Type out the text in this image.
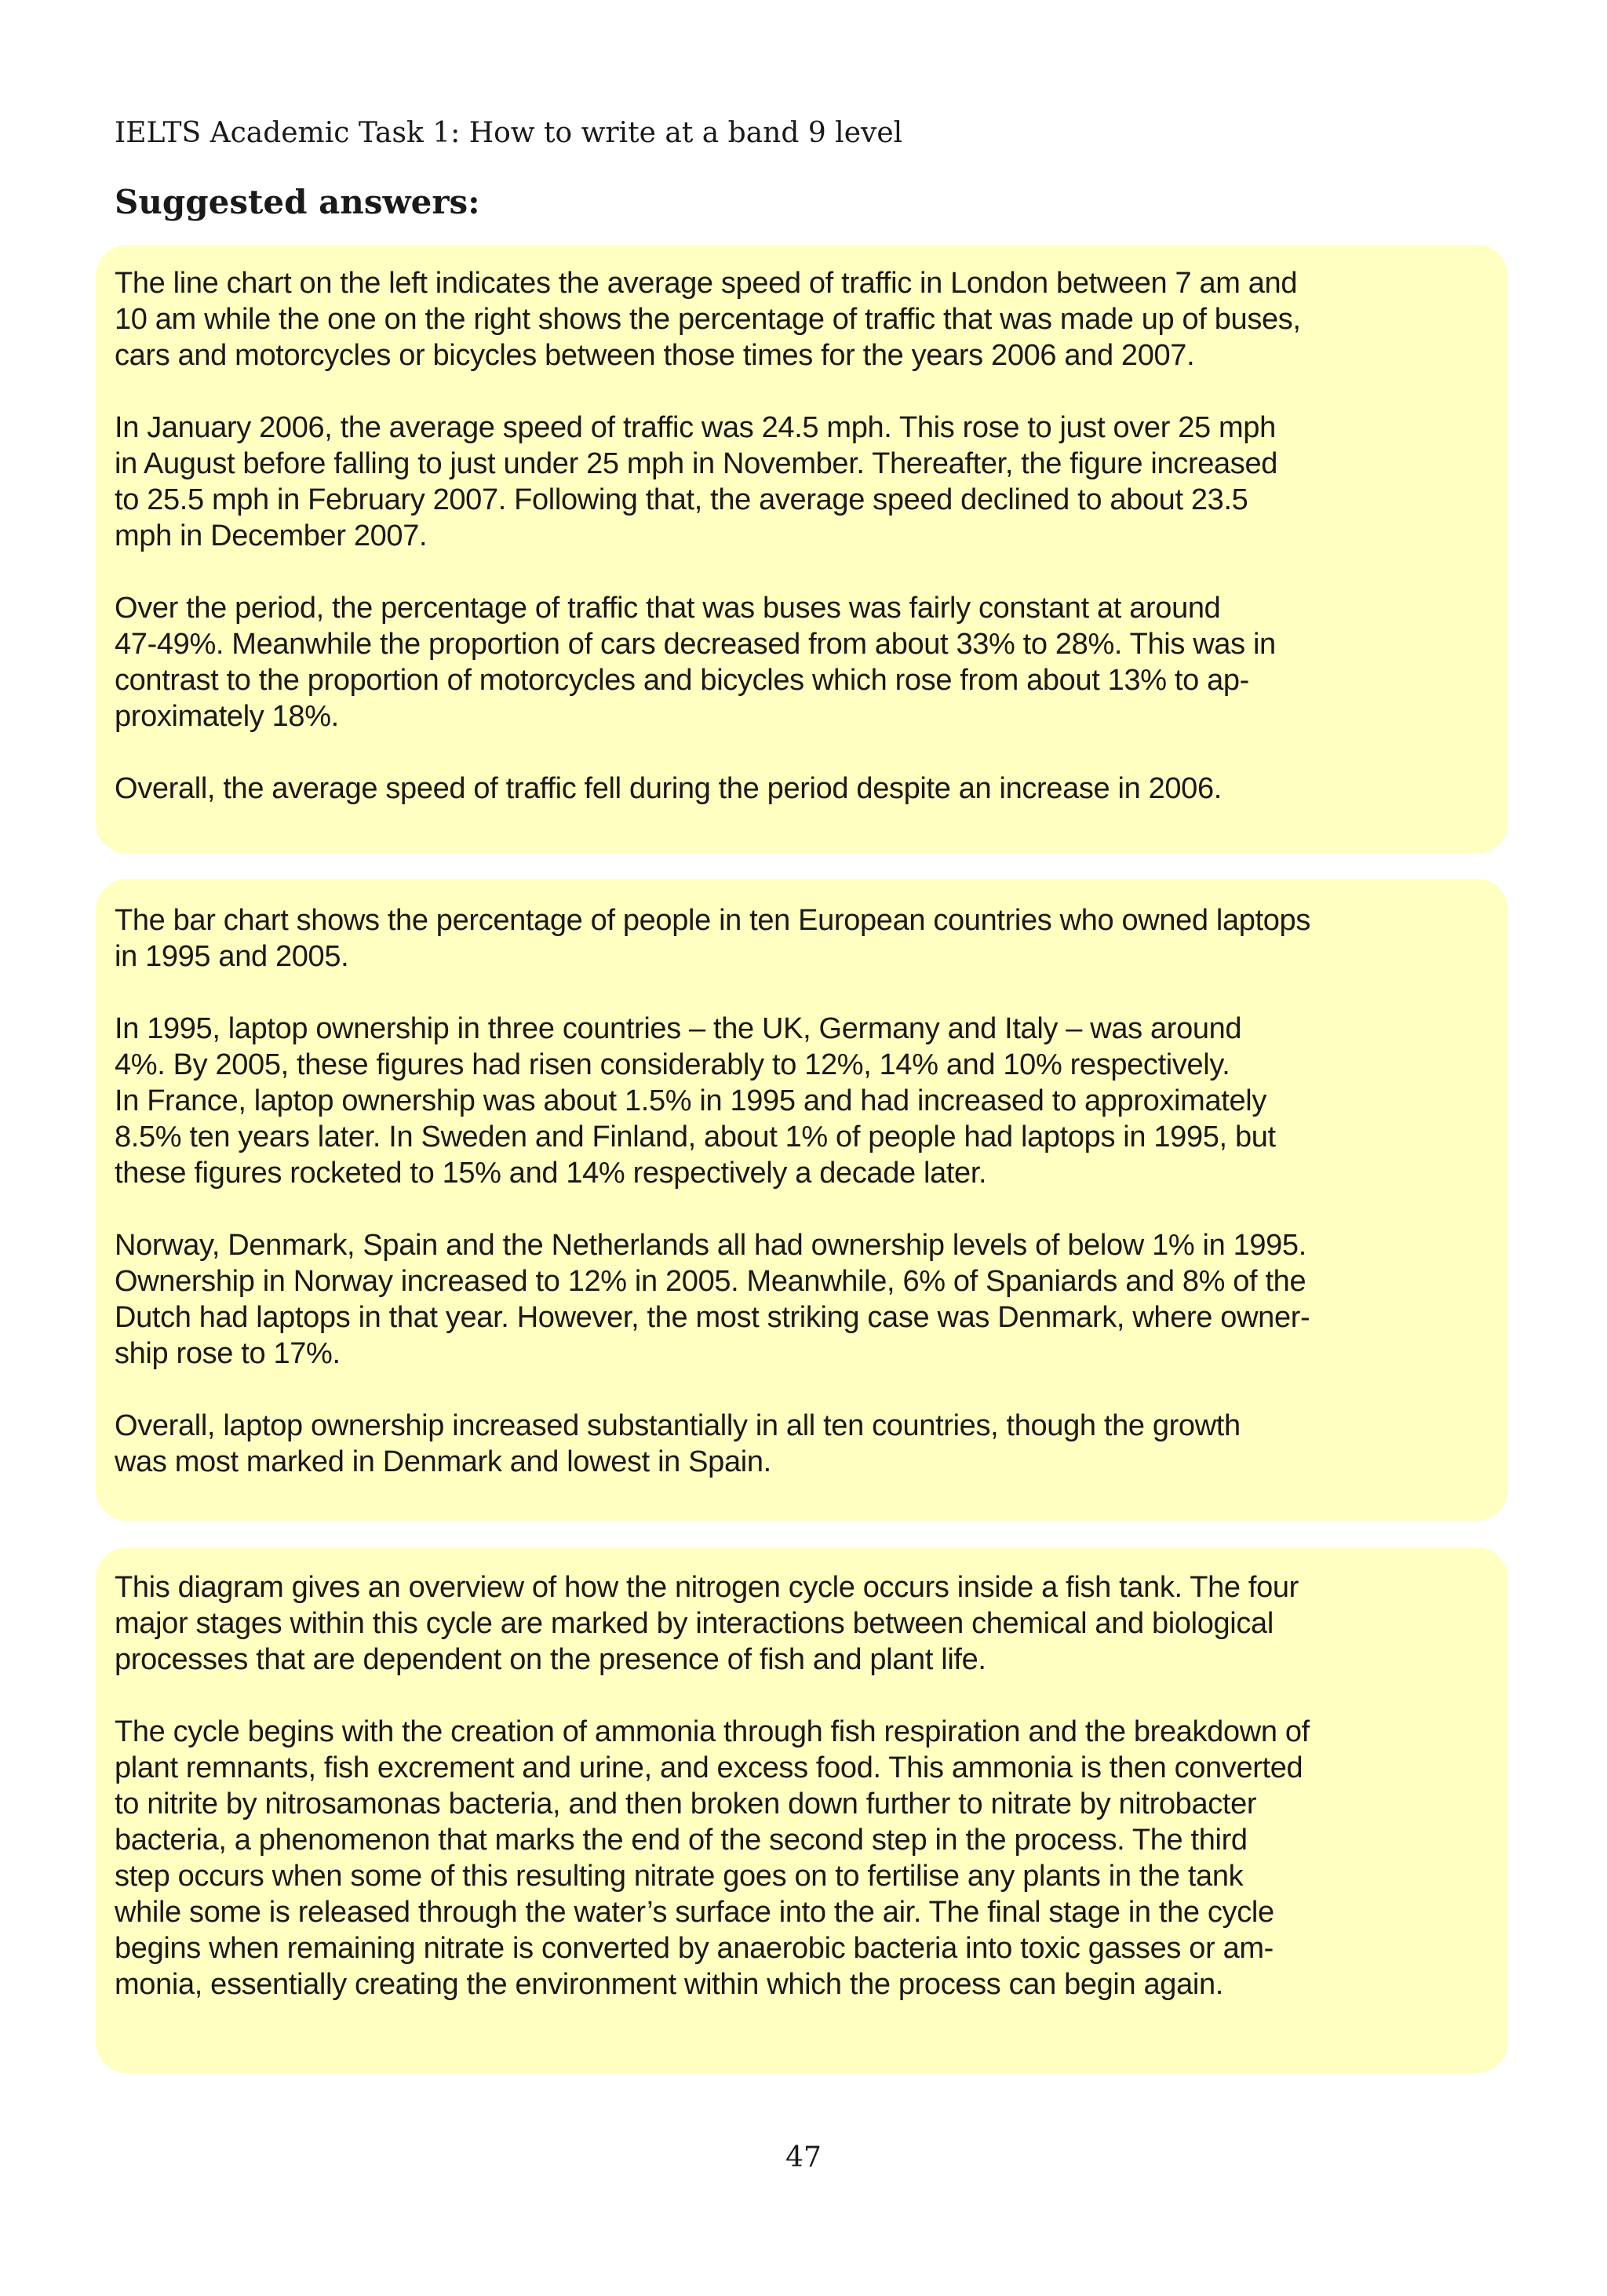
IELTS Academic Task 1: How to write at a band 9 level
Suggested answers:

The line chart on the left indicates the average speed of traffic in London between 7 am and

10 am while the one on the right shows the percentage of traffic that was made up of buses,

cars and motorcycles or bicycles between those times for the years 2006 and 2007.

In January 2006, the average speed of traffic was 24.5 mph. This rose to just over 25 mph

in August before falling to just under 25 mph in November. Thereafter, the figure increased

to 25.5 mph in February 2007. Following that, the average speed declined to about 23.5

mph in December 2007.

Over the period, the percentage of traffic that was buses was fairly constant at around

47-49%. Meanwhile the proportion of cars decreased from about 33% to 28%. This was in

contrast to the proportion of motorcycles and bicycles which rose from about 13% to ap-

proximately 18%.

Overall, the average speed of traffic fell during the period despite an increase in 2006.

The bar chart shows the percentage of people in ten European countries who owned laptops

in 1995 and 2005.

In 1995, laptop ownership in three countries – the UK, Germany and Italy – was around

4%. By 2005, these figures had risen considerably to 12%, 14% and 10% respectively.

In France, laptop ownership was about 1.5% in 1995 and had increased to approximately

8.5% ten years later. In Sweden and Finland, about 1% of people had laptops in 1995, but

these figures rocketed to 15% and 14% respectively a decade later.

Norway, Denmark, Spain and the Netherlands all had ownership levels of below 1% in 1995.

Ownership in Norway increased to 12% in 2005. Meanwhile, 6% of Spaniards and 8% of the

Dutch had laptops in that year. However, the most striking case was Denmark, where owner-

ship rose to 17%.

Overall, laptop ownership increased substantially in all ten countries, though the growth

was most marked in Denmark and lowest in Spain.

This diagram gives an overview of how the nitrogen cycle occurs inside a fish tank. The four

major stages within this cycle are marked by interactions between chemical and biological

processes that are dependent on the presence of fish and plant life.

The cycle begins with the creation of ammonia through fish respiration and the breakdown of

plant remnants, fish excrement and urine, and excess food. This ammonia is then converted

to nitrite by nitrosamonas bacteria, and then broken down further to nitrate by nitrobacter

bacteria, a phenomenon that marks the end of the second step in the process. The third

step occurs when some of this resulting nitrate goes on to fertilise any plants in the tank

while some is released through the water’s surface into the air. The final stage in the cycle

begins when remaining nitrate is converted by anaerobic bacteria into toxic gasses or am-

monia, essentially creating the environment within which the process can begin again.

47
